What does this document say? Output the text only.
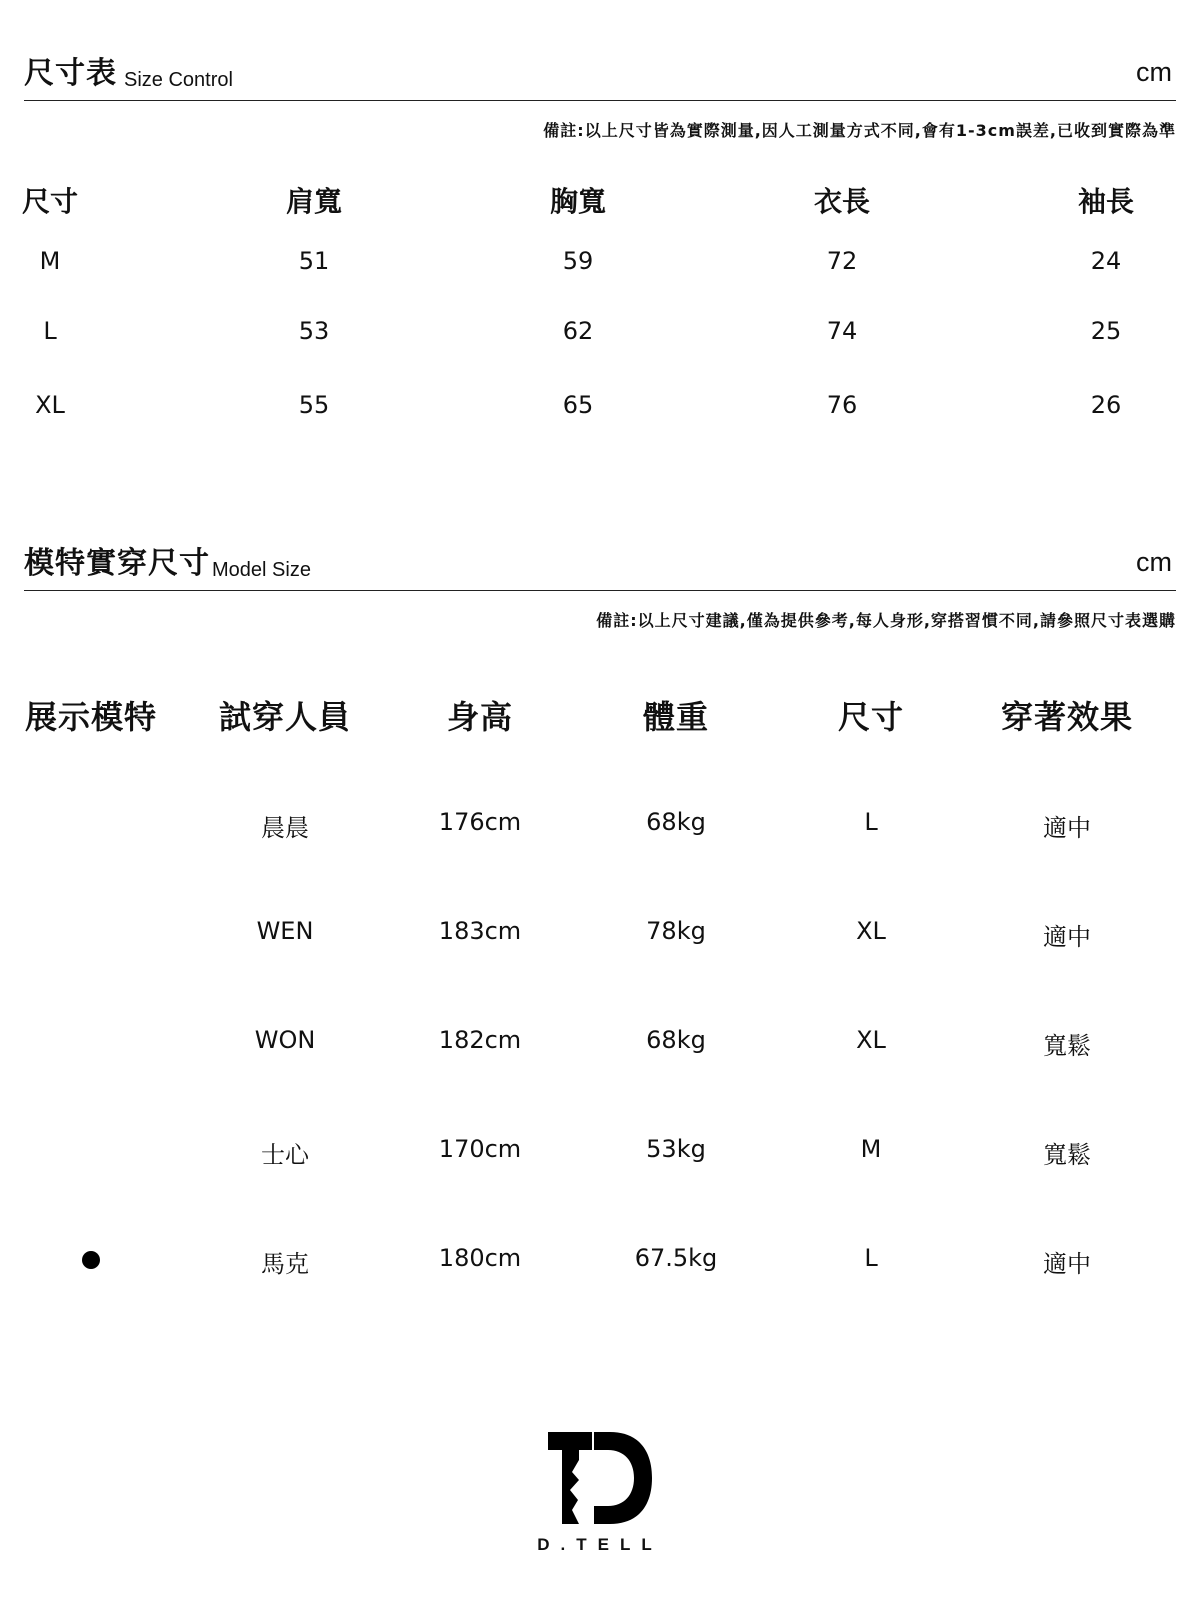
尺寸表 Size Control	cm
備註:以上尺寸皆為實際測量,因人工測量方式不同,會有1-3cm誤差,已收到實際為準
尺寸	肩寬	胸寬	衣長	袖長
M	51	59	72	24
L	53	62	74	25
XL	55	65	76	26
模特實穿尺寸 Model Size	cm
備註:以上尺寸建議,僅為提供參考,每人身形,穿搭習慣不同,請參照尺寸表選購
展示模特 試穿人員	身高	體重	尺寸	穿著效果
晨晨	176cm	68kg	L	適中
WEN	183cm	78kg	XL	適中
WON	182cm	68kg	XL	寬鬆
士心	170cm	53kg	M	寬鬆
馬克	180cm	67.5kg	L	適中
D.TELL
